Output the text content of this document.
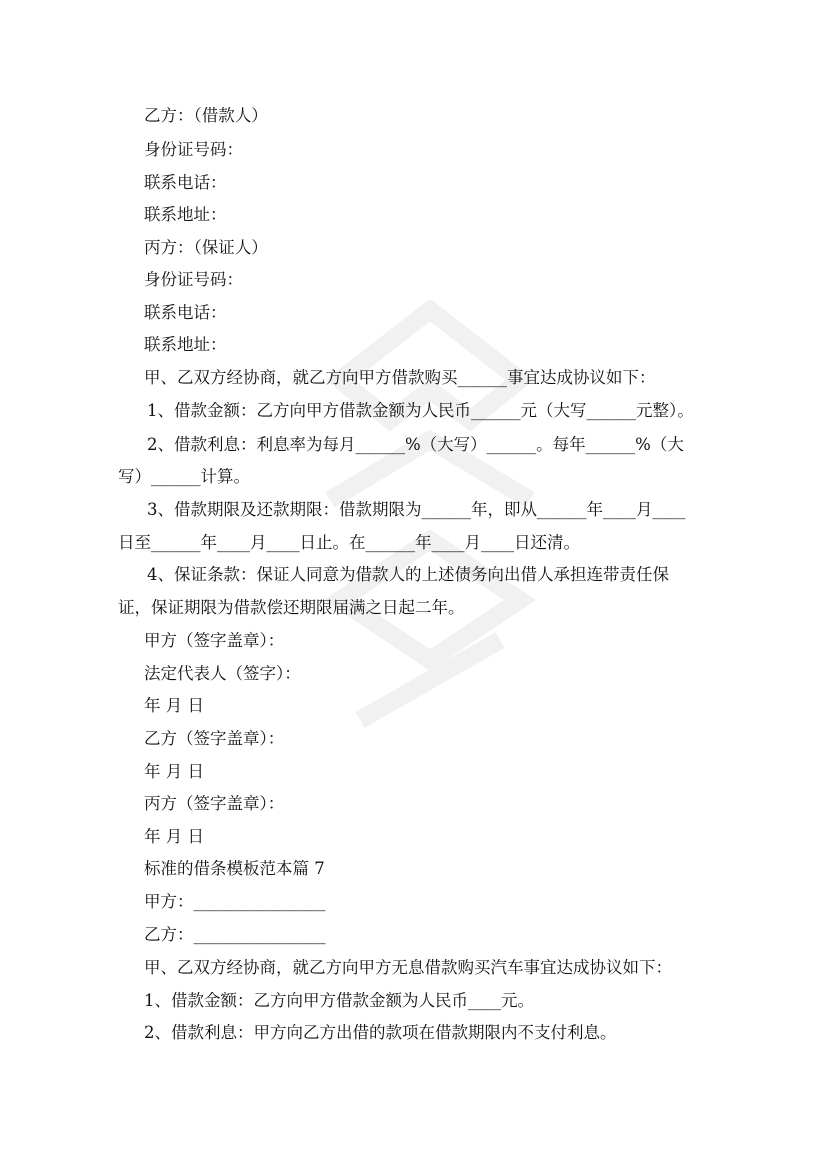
乙方：（借款人）
身份证号码：
联系电话：
联系地址：
丙方：（保证人）
身份证号码：
联系电话：
联系地址：
甲、乙双方经协商，就乙方向甲方借款购买______事宜达成协议如下：
1、借款金额：乙方向甲方借款金额为人民币______元（大写______元整）。
2、借款利息：利息率为每月______%（大写）______。每年______%（大
写）______计算。
3、借款期限及还款期限：借款期限为______年，即从______年____月____
日至______年____月____日止。在______年____月____日还清。
4、保证条款：保证人同意为借款人的上述债务向出借人承担连带责任保
证，保证期限为借款偿还期限届满之日起二年。
甲方（签字盖章）：
法定代表人（签字）：
年 月 日
乙方（签字盖章）：
年 月 日
丙方（签字盖章）：
年 月 日
标准的借条模板范本篇 7
甲方：________________
乙方：________________
甲、乙双方经协商，就乙方向甲方无息借款购买汽车事宜达成协议如下：
1、借款金额：乙方向甲方借款金额为人民币____元。
2、借款利息：甲方向乙方出借的款项在借款期限内不支付利息。
